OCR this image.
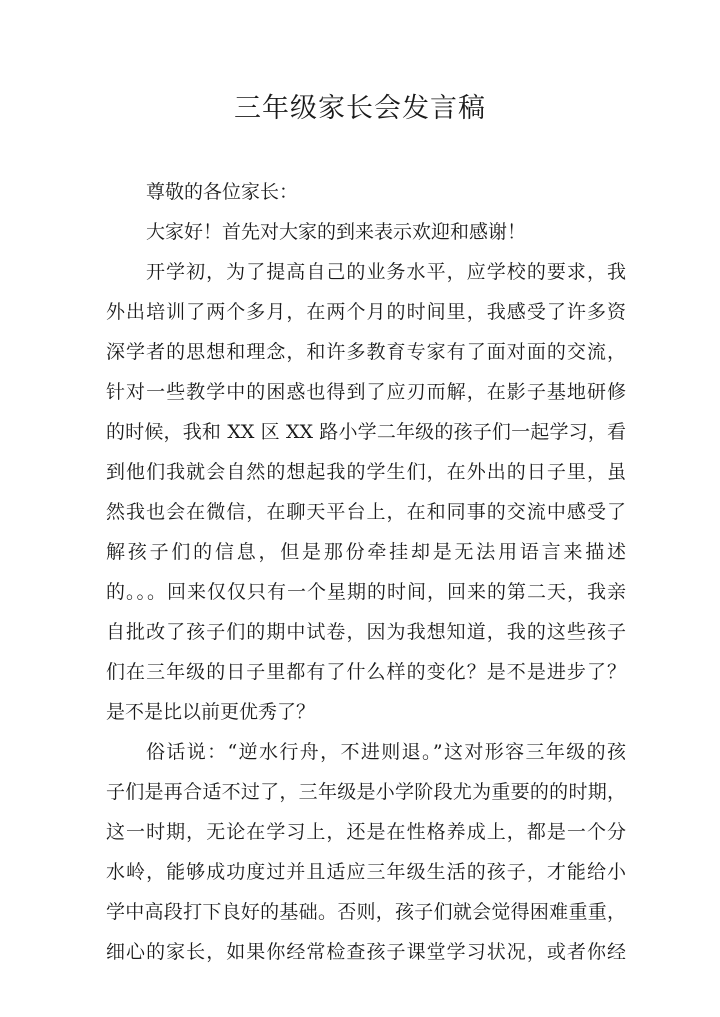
三年级家长会发言稿
尊敬的各位家长：
大家好！首先对大家的到来表示欢迎和感谢！
开学初，为了提高自己的业务水平，应学校的要求，我
外出培训了两个多月，在两个月的时间里，我感受了许多资
深学者的思想和理念，和许多教育专家有了面对面的交流，
针对一些教学中的困惑也得到了应刃而解，在影子基地研修
的时候，我和 XX 区 XX 路小学二年级的孩子们一起学习，看
到他们我就会自然的想起我的学生们，在外出的日子里，虽
然我也会在微信，在聊天平台上，在和同事的交流中感受了
解孩子们的信息，但是那份牵挂却是无法用语言来描述
的。。。回来仅仅只有一个星期的时间，回来的第二天，我亲
自批改了孩子们的期中试卷，因为我想知道，我的这些孩子
们在三年级的日子里都有了什么样的变化？是不是进步了？
是不是比以前更优秀了？
俗话说：“逆水行舟，不进则退。”这对形容三年级的孩
子们是再合适不过了，三年级是小学阶段尤为重要的的时期，
这一时期，无论在学习上，还是在性格养成上，都是一个分
水岭，能够成功度过并且适应三年级生活的孩子，才能给小
学中高段打下良好的基础。否则，孩子们就会觉得困难重重，
细心的家长，如果你经常检查孩子课堂学习状况，或者你经
